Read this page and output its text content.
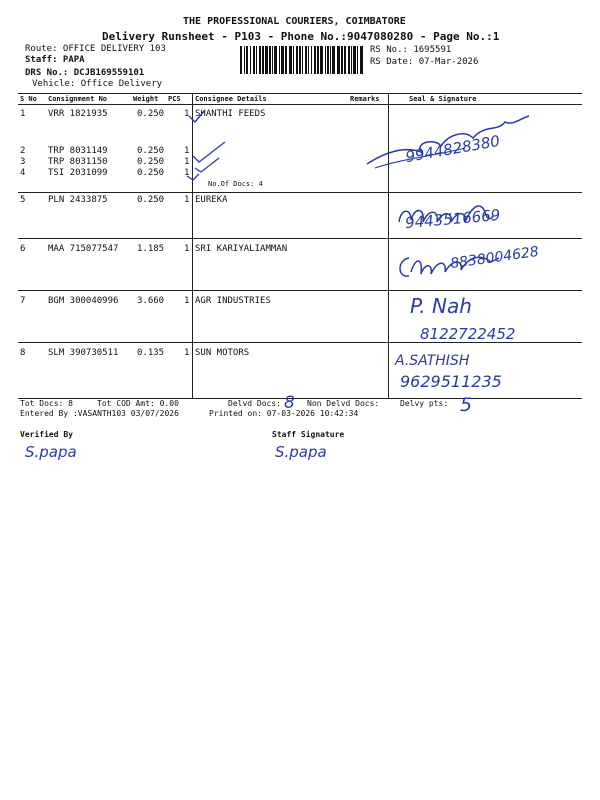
THE PROFESSIONAL COURIERS, COIMBATORE
Delivery Runsheet - P103 - Phone No.:9047080280 - Page No.:1
Route: OFFICE DELIVERY 103
Staff: PAPA
DRS No.: DCJB169559101
Vehicle: Office Delivery
RS No.: 1695591
RS Date: 07-Mar-2026
S No Consignment No	Weight PCS Consignee Details	Remarks	Seal & Signature
1	VRR 1821935	0.250 1 SHANTHI FEEDS
2	TRP 8031149	0.250 1
3	TRP 8031150	0.250 1
4	TSI 2031099	0.250 1
No.Of Docs: 4
5	PLN 2433875	0.250 1 EUREKA
6	MAA 715077547 1.185 1 SRI KARIYALIAMMAN
7	BGM 300040996 3.660 1 AGR INDUSTRIES
8	SLM 390730511 0.135 1 SUN MOTORS
9944828380
9443516669
8838004628
P. Nah
8122722452
A.SATHISH
9629511235
Tot Docs: 8	Tot COD Amt: 0.00	Delvd Docs: 8 Non Delvd Docs:	Delvy pts: 5
Entered By :VASANTH103 03/07/2026	Printed on: 07-03-2026 10:42:34
Verified By
S.papa
Staff Signature
S.papa
